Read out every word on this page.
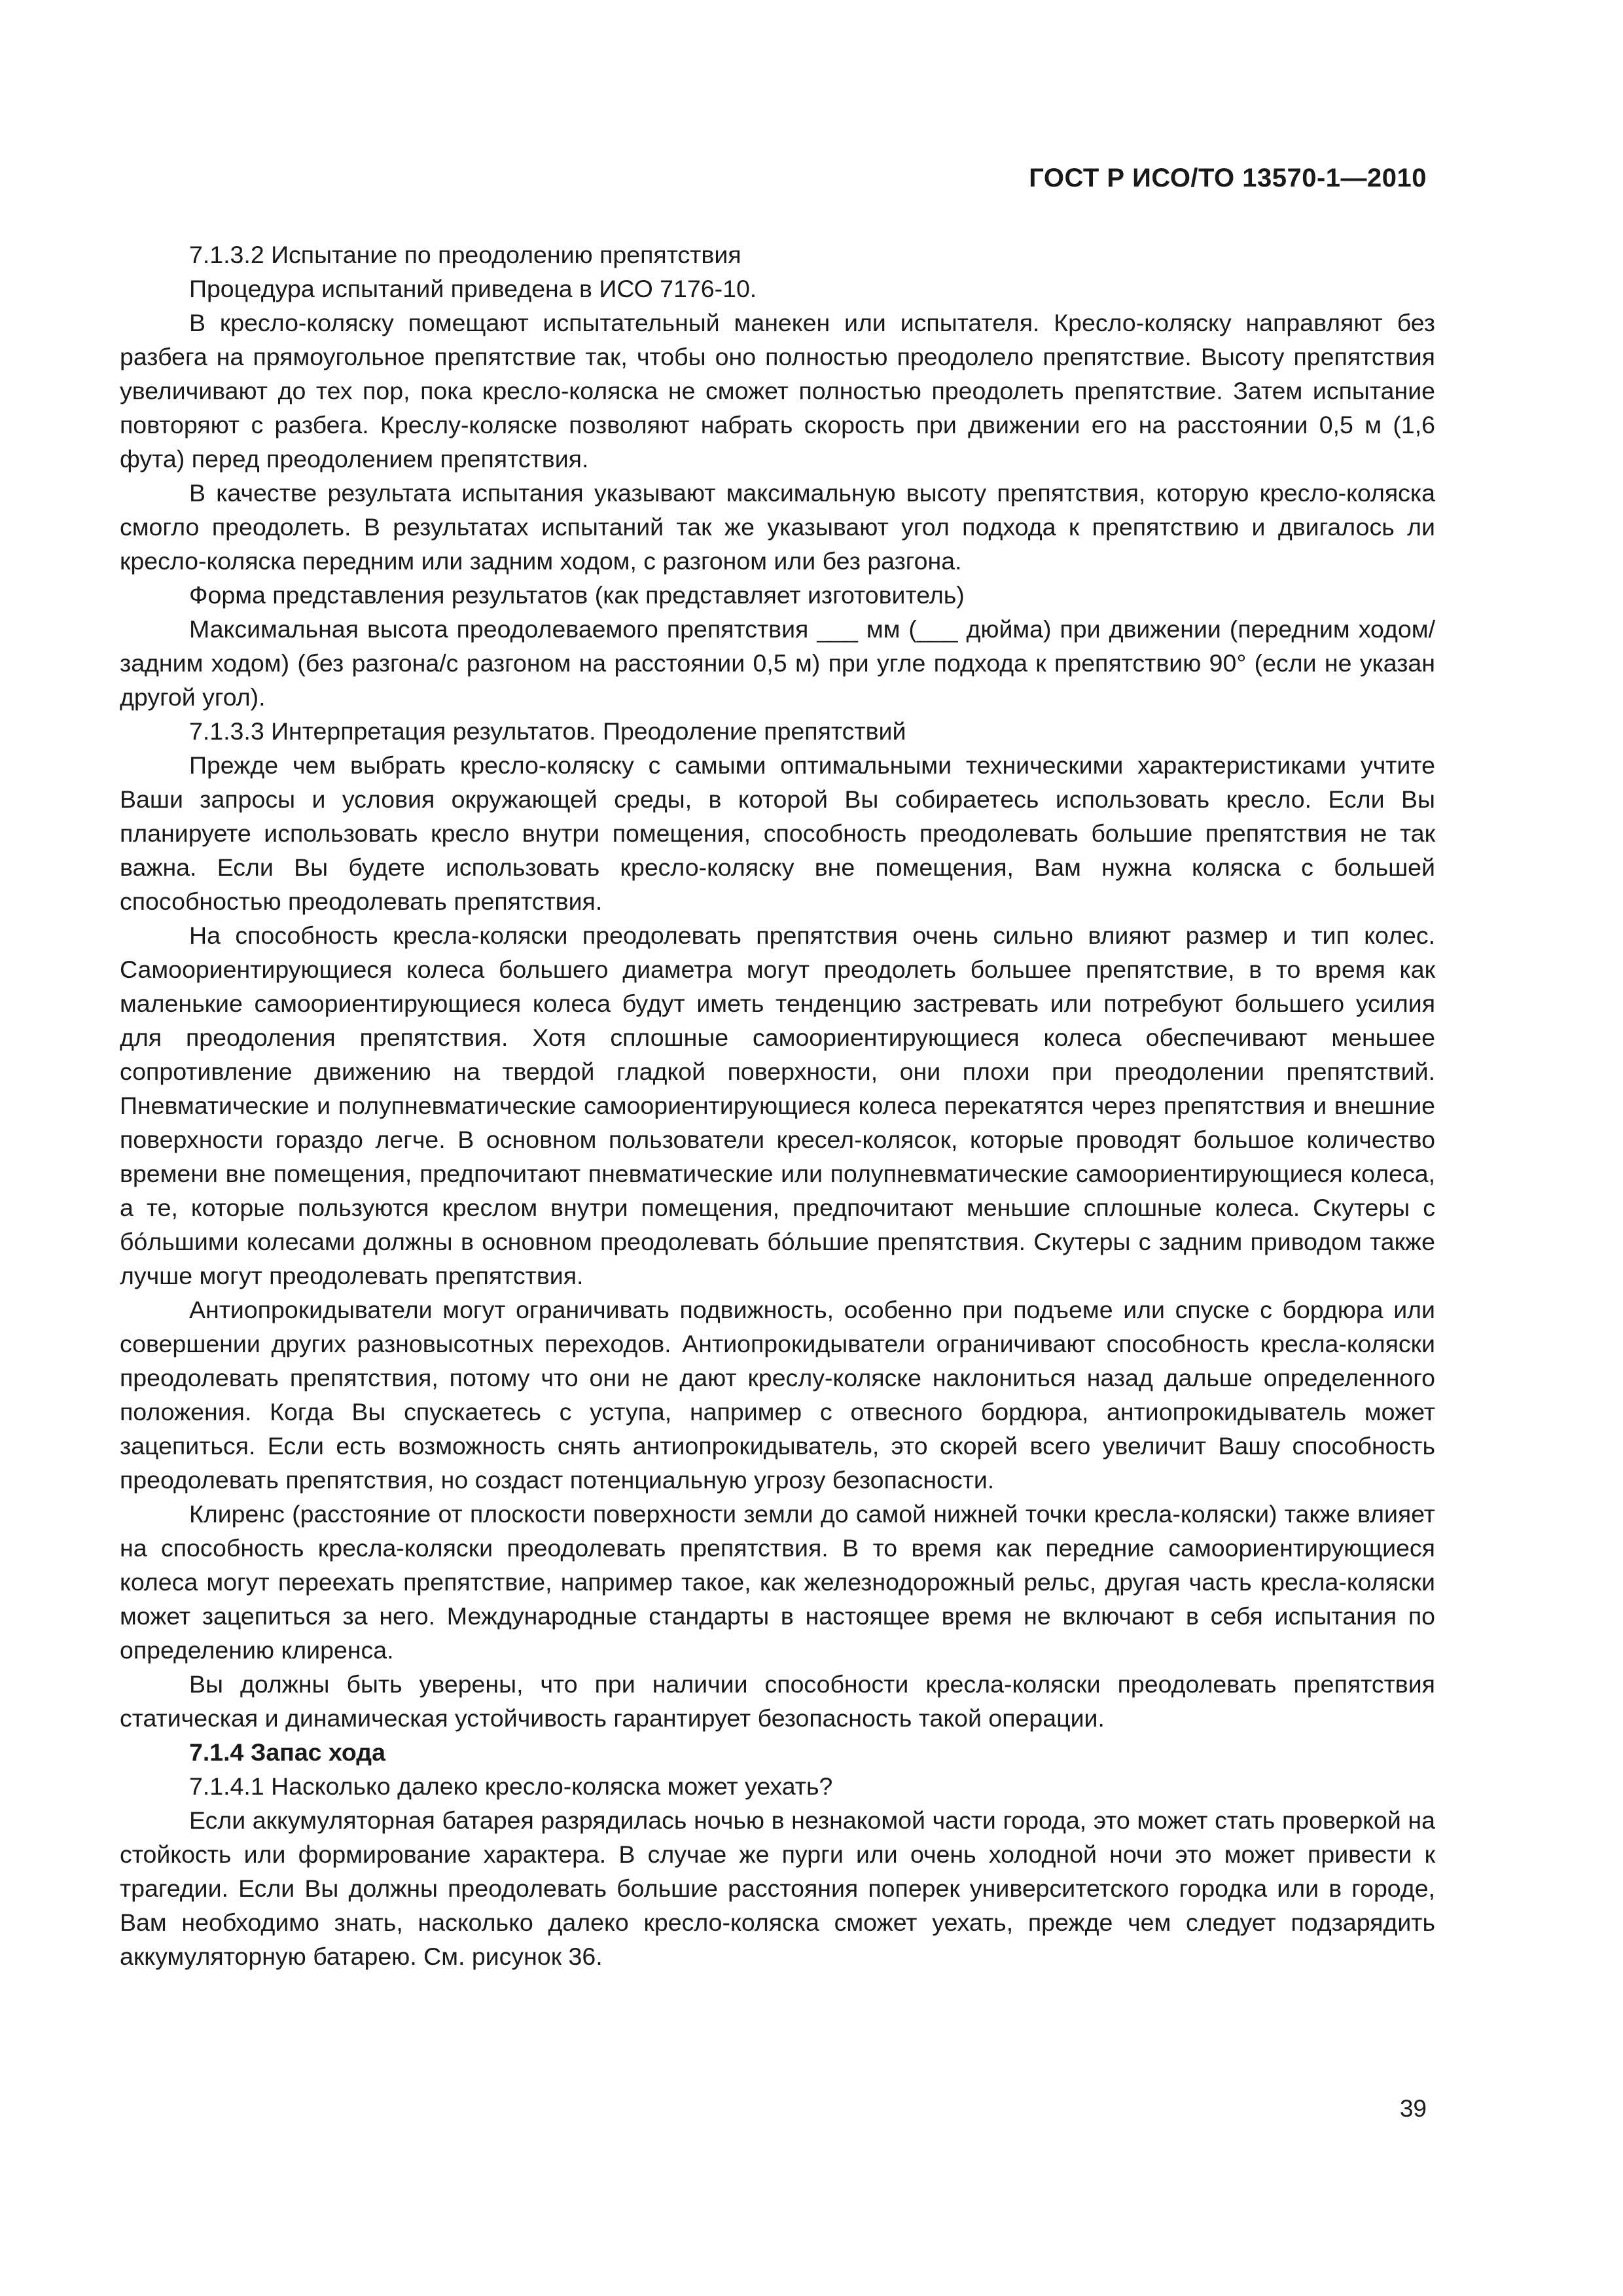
ГОСТ Р ИСО/ТО 13570-1—2010

7.1.3.2 Испытание по преодолению препятствия

Процедура испытаний приведена в ИСО 7176-10.

В кресло-коляску помещают испытательный манекен или испытателя. Кресло-коляску направляют без разбега на прямоугольное препятствие так, чтобы оно полностью преодолело препятствие. Высоту препятствия увеличивают до тех пор, пока кресло-коляска не сможет полностью преодолеть препятствие. Затем испытание повторяют с разбега. Креслу-коляске позволяют набрать скорость при движении его на расстоянии 0,5 м (1,6 фута) перед преодолением препятствия.

В качестве результата испытания указывают максимальную высоту препятствия, которую кресло-коляска смогло преодолеть. В результатах испытаний так же указывают угол подхода к препятствию и двигалось ли кресло-коляска передним или задним ходом, с разгоном или без разгона.

Форма представления результатов (как представляет изготовитель)

Максимальная высота преодолеваемого препятствия ___ мм (___ дюйма) при движении (передним ходом/задним ходом) (без разгона/с разгоном на расстоянии 0,5 м) при угле подхода к препятствию 90° (если не указан другой угол).

7.1.3.3 Интерпретация результатов. Преодоление препятствий

Прежде чем выбрать кресло-коляску с самыми оптимальными техническими характеристиками учтите Ваши запросы и условия окружающей среды, в которой Вы собираетесь использовать кресло. Если Вы планируете использовать кресло внутри помещения, способность преодолевать большие препятствия не так важна. Если Вы будете использовать кресло-коляску вне помещения, Вам нужна коляска с большей способностью преодолевать препятствия.

На способность кресла-коляски преодолевать препятствия очень сильно влияют размер и тип колес. Самоориентирующиеся колеса большего диаметра могут преодолеть большее препятствие, в то время как маленькие самоориентирующиеся колеса будут иметь тенденцию застревать или потребуют большего усилия для преодоления препятствия. Хотя сплошные самоориентирующиеся колеса обеспечивают меньшее сопротивление движению на твердой гладкой поверхности, они плохи при преодолении препятствий. Пневматические и полупневматические самоориентирующиеся колеса перекатятся через препятствия и внешние поверхности гораздо легче. В основном пользователи кресел-колясок, которые проводят большое количество времени вне помещения, предпочитают пневматические или полупневматические самоориентирующиеся колеса, а те, которые пользуются креслом внутри помещения, предпочитают меньшие сплошные колеса. Скутеры с бо́льшими колесами должны в основном преодолевать бо́льшие препятствия. Скутеры с задним приводом также лучше могут преодолевать препятствия.

Антиопрокидыватели могут ограничивать подвижность, особенно при подъеме или спуске с бордюра или совершении других разновысотных переходов. Антиопрокидыватели ограничивают способность кресла-коляски преодолевать препятствия, потому что они не дают креслу-коляске наклониться назад дальше определенного положения. Когда Вы спускаетесь с уступа, например с отвесного бордюра, антиопрокидыватель может зацепиться. Если есть возможность снять антиопрокидыватель, это скорей всего увеличит Вашу способность преодолевать препятствия, но создаст потенциальную угрозу безопасности.

Клиренс (расстояние от плоскости поверхности земли до самой нижней точки кресла-коляски) также влияет на способность кресла-коляски преодолевать препятствия. В то время как передние самоориентирующиеся колеса могут переехать препятствие, например такое, как железнодорожный рельс, другая часть кресла-коляски может зацепиться за него. Международные стандарты в настоящее время не включают в себя испытания по определению клиренса.

Вы должны быть уверены, что при наличии способности кресла-коляски преодолевать препятствия статическая и динамическая устойчивость гарантирует безопасность такой операции.

7.1.4 Запас хода

7.1.4.1 Насколько далеко кресло-коляска может уехать?

Если аккумуляторная батарея разрядилась ночью в незнакомой части города, это может стать проверкой на стойкость или формирование характера. В случае же пурги или очень холодной ночи это может привести к трагедии. Если Вы должны преодолевать большие расстояния поперек университетского городка или в городе, Вам необходимо знать, насколько далеко кресло-коляска сможет уехать, прежде чем следует подзарядить аккумуляторную батарею. См. рисунок 36.

39
